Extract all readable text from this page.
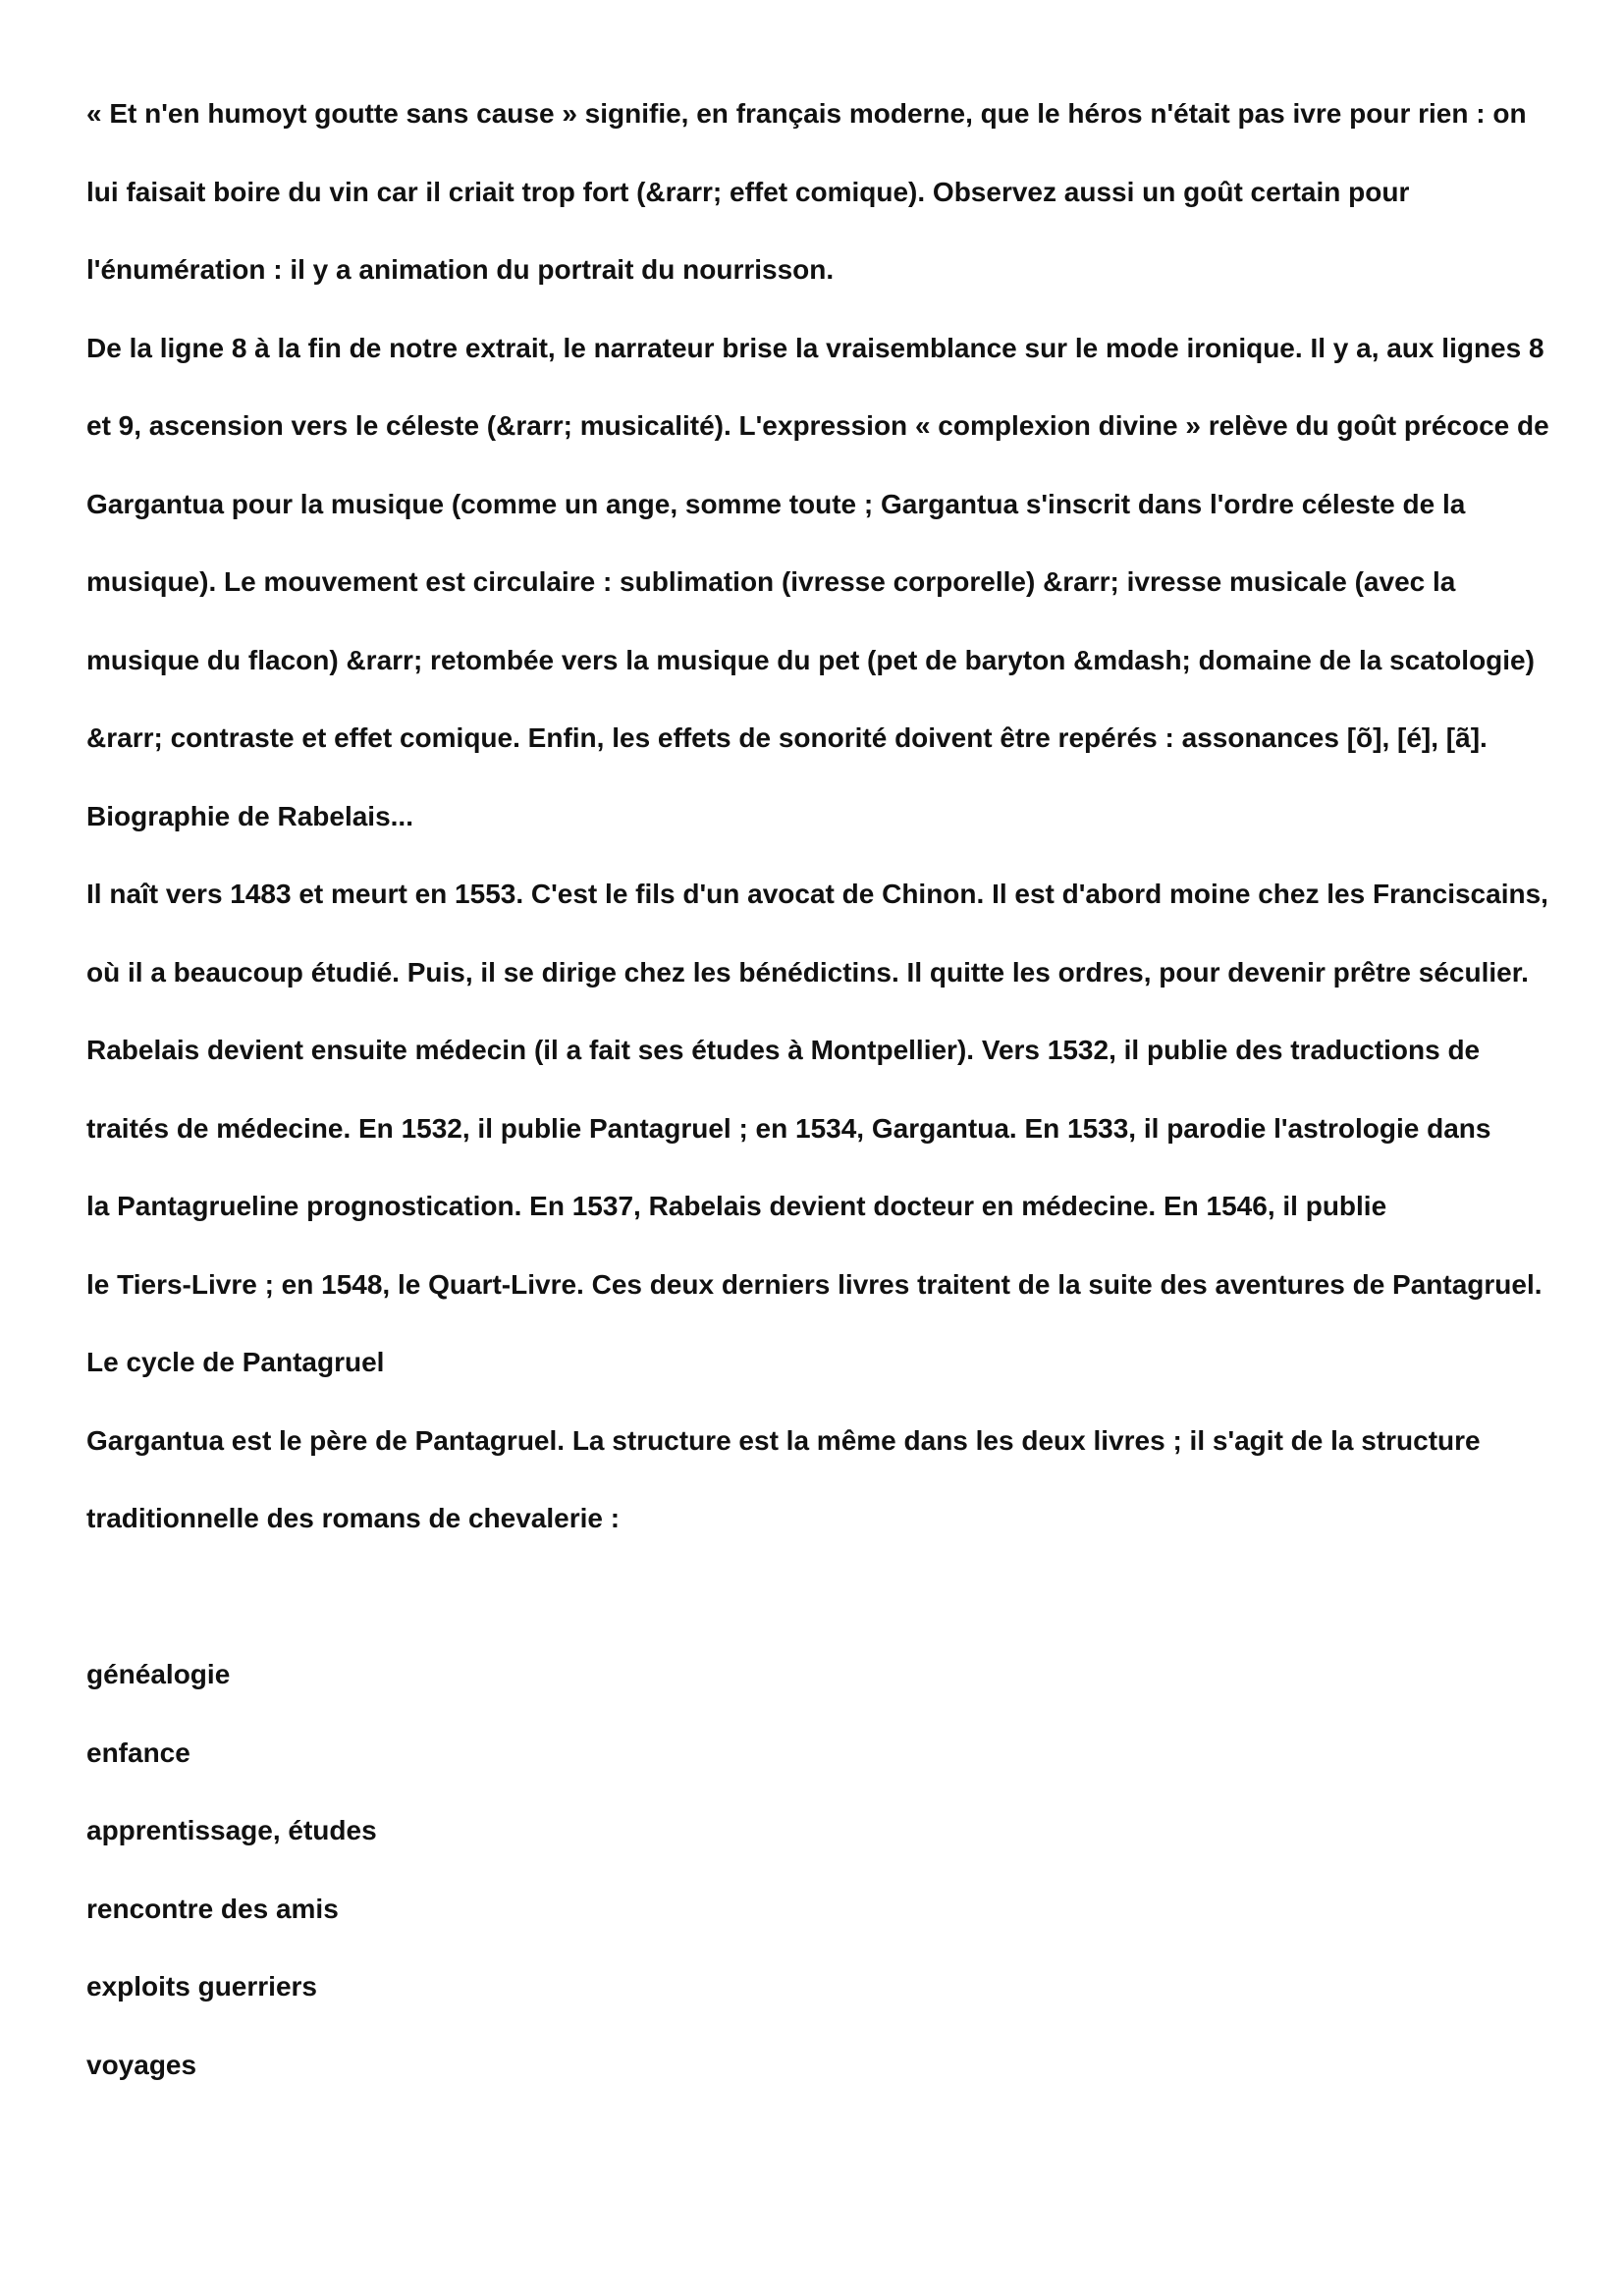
« Et n'en humoyt goutte sans cause » signifie, en français moderne, que le héros n'était pas ivre pour rien : on
lui faisait boire du vin car il criait trop fort (&rarr; effet comique). Observez aussi un goût certain pour
l'énumération : il y a animation du portrait du nourrisson.
De la ligne 8 à la fin de notre extrait, le narrateur brise la vraisemblance sur le mode ironique. Il y a, aux lignes 8
et 9, ascension vers le céleste (&rarr; musicalité). L'expression « complexion divine » relève du goût précoce de
Gargantua pour la musique (comme un ange, somme toute ; Gargantua s'inscrit dans l'ordre céleste de la
musique). Le mouvement est circulaire : sublimation (ivresse corporelle) &rarr; ivresse musicale (avec la
musique du flacon) &rarr; retombée vers la musique du pet (pet de baryton &mdash; domaine de la scatologie)
&rarr; contraste et effet comique. Enfin, les effets de sonorité doivent être repérés : assonances [õ], [é], [ã].
Biographie de Rabelais...
Il naît vers 1483 et meurt en 1553. C'est le fils d'un avocat de Chinon. Il est d'abord moine chez les Franciscains,
où il a beaucoup étudié. Puis, il se dirige chez les bénédictins. Il quitte les ordres, pour devenir prêtre séculier.
Rabelais devient ensuite médecin (il a fait ses études à Montpellier). Vers 1532, il publie des traductions de
traités de médecine. En 1532, il publie Pantagruel ; en 1534, Gargantua. En 1533, il parodie l'astrologie dans
la Pantagrueline prognostication. En 1537, Rabelais devient docteur en médecine. En 1546, il publie
le Tiers-Livre ; en 1548, le Quart-Livre. Ces deux derniers livres traitent de la suite des aventures de Pantagruel.
Le cycle de Pantagruel
Gargantua est le père de Pantagruel. La structure est la même dans les deux livres ; il s'agit de la structure
traditionnelle des romans de chevalerie :
généalogie
enfance
apprentissage, études
rencontre des amis
exploits guerriers
voyages
